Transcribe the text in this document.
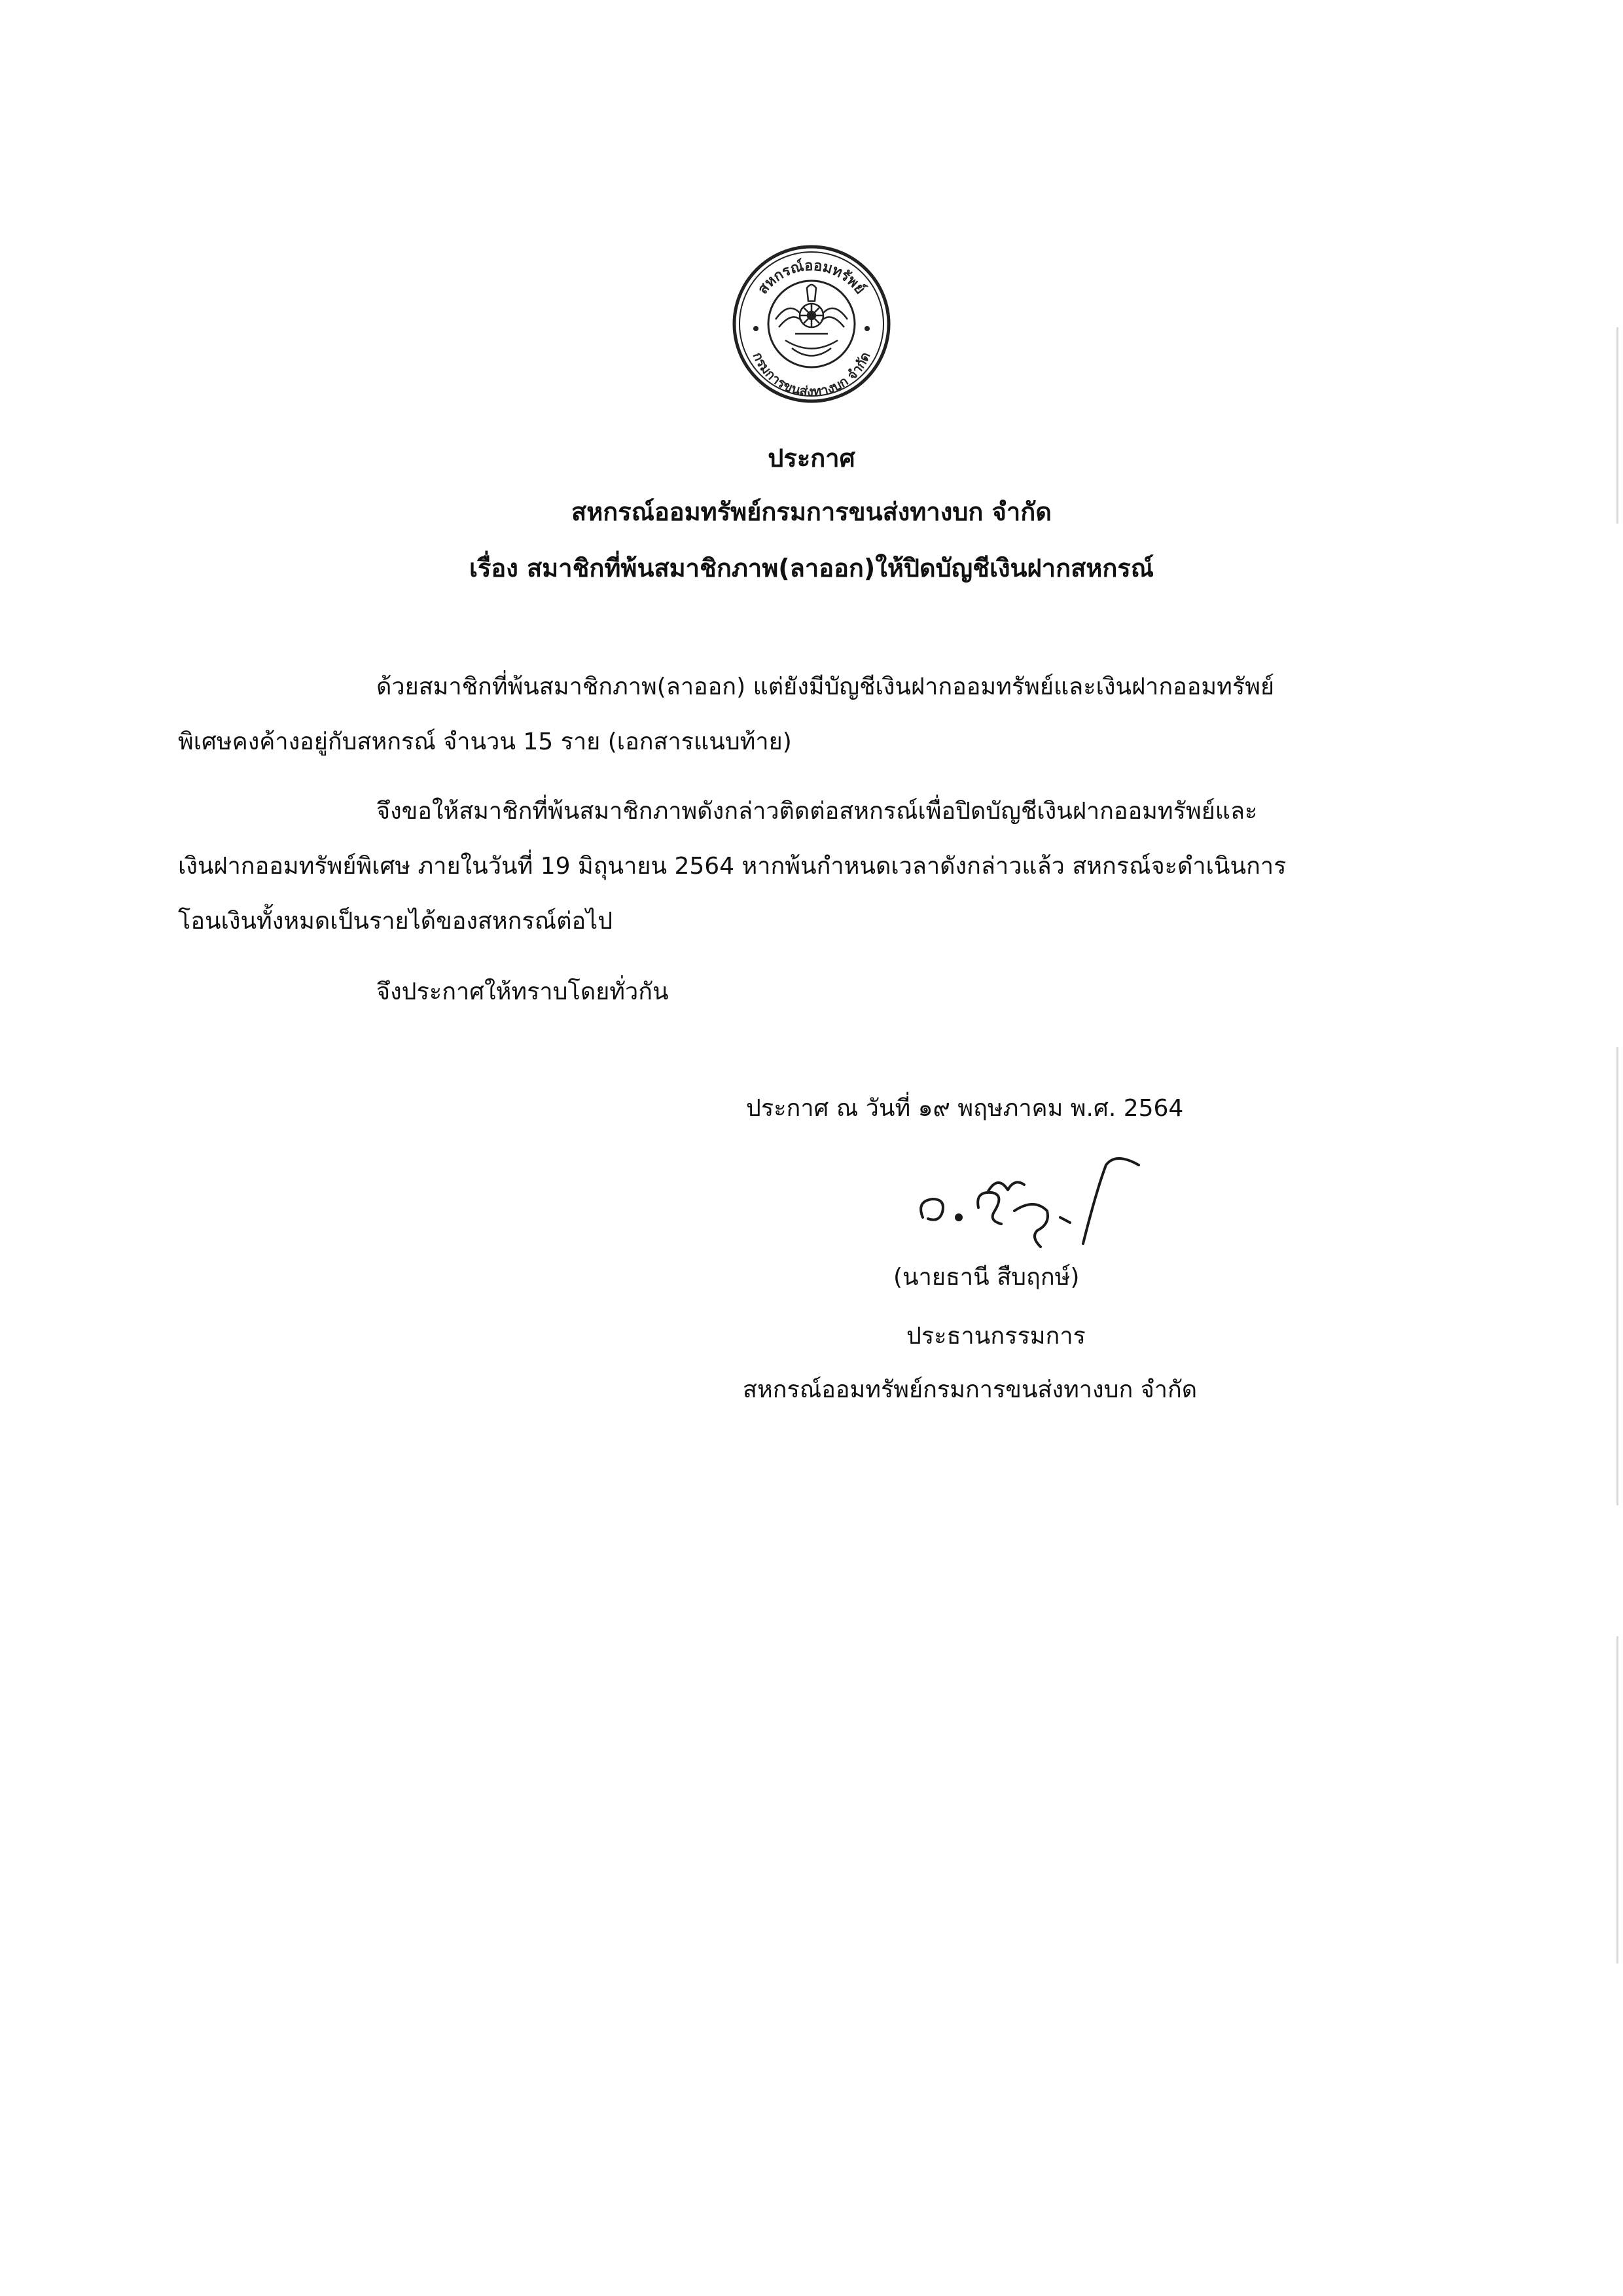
สหกรณ์ออมทรัพย์
กรมการขนส่งทางบก จำกัด
ประกาศ
สหกรณ์ออมทรัพย์กรมการขนส่งทางบก จำกัด
เรื่อง สมาชิกที่พ้นสมาชิกภาพ(ลาออก)ให้ปิดบัญชีเงินฝากสหกรณ์
ด้วยสมาชิกที่พ้นสมาชิกภาพ(ลาออก) แต่ยังมีบัญชีเงินฝากออมทรัพย์และเงินฝากออมทรัพย์
พิเศษคงค้างอยู่กับสหกรณ์ จำนวน 15 ราย (เอกสารแนบท้าย)
จึงขอให้สมาชิกที่พ้นสมาชิกภาพดังกล่าวติดต่อสหกรณ์เพื่อปิดบัญชีเงินฝากออมทรัพย์และ
เงินฝากออมทรัพย์พิเศษ ภายในวันที่ 19 มิถุนายน 2564 หากพ้นกำหนดเวลาดังกล่าวแล้ว สหกรณ์จะดำเนินการ
โอนเงินทั้งหมดเป็นรายได้ของสหกรณ์ต่อไป
จึงประกาศให้ทราบโดยทั่วกัน
ประกาศ ณ วันที่ ๑๙ พฤษภาคม พ.ศ. 2564
(นายธานี สืบฤกษ์)
ประธานกรรมการ
สหกรณ์ออมทรัพย์กรมการขนส่งทางบก จำกัด
